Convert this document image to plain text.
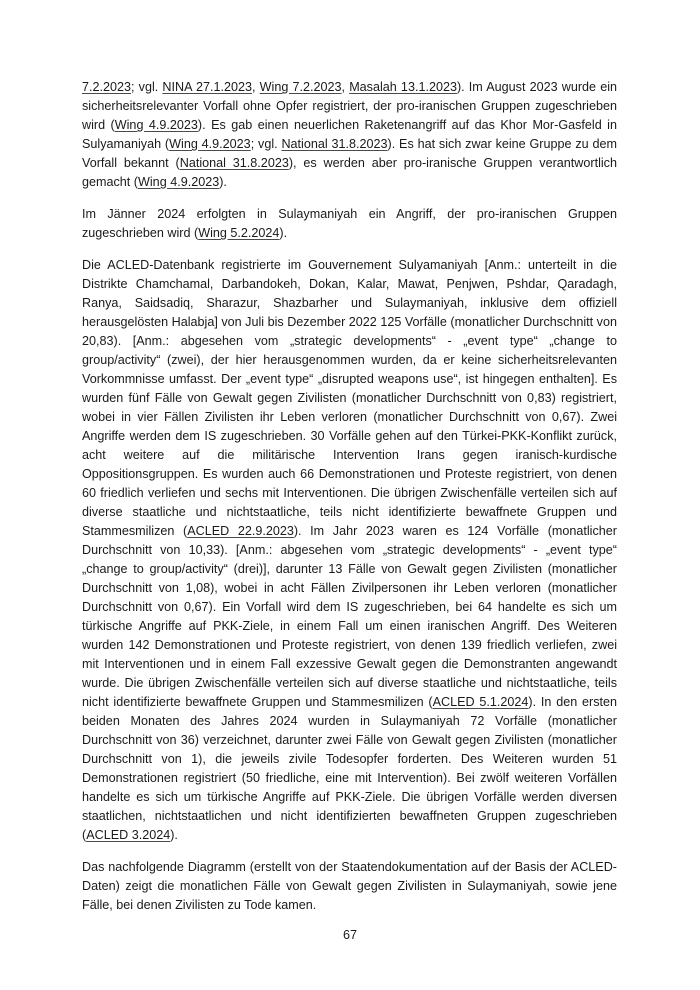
7.2.2023; vgl. NINA 27.1.2023, Wing 7.2.2023, Masalah 13.1.2023). Im August 2023 wurde ein sicherheitsrelevanter Vorfall ohne Opfer registriert, der pro-iranischen Gruppen zugeschrieben wird (Wing 4.9.2023). Es gab einen neuerlichen Raketenangriff auf das Khor Mor-Gasfeld in Sulyamaniyah (Wing 4.9.2023; vgl. National 31.8.2023). Es hat sich zwar keine Gruppe zu dem Vorfall bekannt (National 31.8.2023), es werden aber pro-iranische Gruppen verantwortlich gemacht (Wing 4.9.2023).

Im Jänner 2024 erfolgten in Sulaymaniyah ein Angriff, der pro-iranischen Gruppen zugeschrieben wird (Wing 5.2.2024).

Die ACLED-Datenbank registrierte im Gouvernement Sulyamaniyah [Anm.: unterteilt in die Distrikte Chamchamal, Darbandokeh, Dokan, Kalar, Mawat, Penjwen, Pshdar, Qaradagh, Ranya, Saidsadiq, Sharazur, Shazbarher und Sulaymaniyah, inklusive dem offiziell herausgelösten Halabja] von Juli bis Dezember 2022 125 Vorfälle (monatlicher Durchschnitt von 20,83). [Anm.: abgesehen vom „strategic developments“ - „event type“ „change to group/activity“ (zwei), der hier herausgenommen wurden, da er keine sicherheitsrelevanten Vorkommnisse umfasst. Der „event type“ „disrupted weapons use“, ist hingegen enthalten]. Es wurden fünf Fälle von Gewalt gegen Zivilisten (monatlicher Durchschnitt von 0,83) registriert, wobei in vier Fällen Zivilisten ihr Leben verloren (monatlicher Durchschnitt von 0,67). Zwei Angriffe werden dem IS zugeschrieben. 30 Vorfälle gehen auf den Türkei-PKK-Konflikt zurück, acht weitere auf die militärische Intervention Irans gegen iranisch-kurdische Oppositionsgruppen. Es wurden auch 66 Demonstrationen und Proteste registriert, von denen 60 friedlich verliefen und sechs mit Interventionen. Die übrigen Zwischenfälle verteilen sich auf diverse staatliche und nichtstaatliche, teils nicht identifizierte bewaffnete Gruppen und Stammesmilizen (ACLED 22.9.2023). Im Jahr 2023 waren es 124 Vorfälle (monatlicher Durchschnitt von 10,33). [Anm.: abgesehen vom „strategic developments“ - „event type“ „change to group/activity“ (drei)], darunter 13 Fälle von Gewalt gegen Zivilisten (monatlicher Durchschnitt von 1,08), wobei in acht Fällen Zivilpersonen ihr Leben verloren (monatlicher Durchschnitt von 0,67). Ein Vorfall wird dem IS zugeschrieben, bei 64 handelte es sich um türkische Angriffe auf PKK-Ziele, in einem Fall um einen iranischen Angriff. Des Weiteren wurden 142 Demonstrationen und Proteste registriert, von denen 139 friedlich verliefen, zwei mit Interventionen und in einem Fall exzessive Gewalt gegen die Demonstranten angewandt wurde. Die übrigen Zwischenfälle verteilen sich auf diverse staatliche und nichtstaatliche, teils nicht identifizierte bewaffnete Gruppen und Stammesmilizen (ACLED 5.1.2024). In den ersten beiden Monaten des Jahres 2024 wurden in Sulaymaniyah 72 Vorfälle (monatlicher Durchschnitt von 36) verzeichnet, darunter zwei Fälle von Gewalt gegen Zivilisten (monatlicher Durchschnitt von 1), die jeweils zivile Todesopfer forderten. Des Weiteren wurden 51 Demonstrationen registriert (50 friedliche, eine mit Intervention). Bei zwölf weiteren Vorfällen handelte es sich um türkische Angriffe auf PKK-Ziele. Die übrigen Vorfälle werden diversen staatlichen, nichtstaatlichen und nicht identifizierten bewaffneten Gruppen zugeschrieben (ACLED 3.2024).

Das nachfolgende Diagramm (erstellt von der Staatendokumentation auf der Basis der ACLED-Daten) zeigt die monatlichen Fälle von Gewalt gegen Zivilisten in Sulaymaniyah, sowie jene Fälle, bei denen Zivilisten zu Tode kamen.

67
